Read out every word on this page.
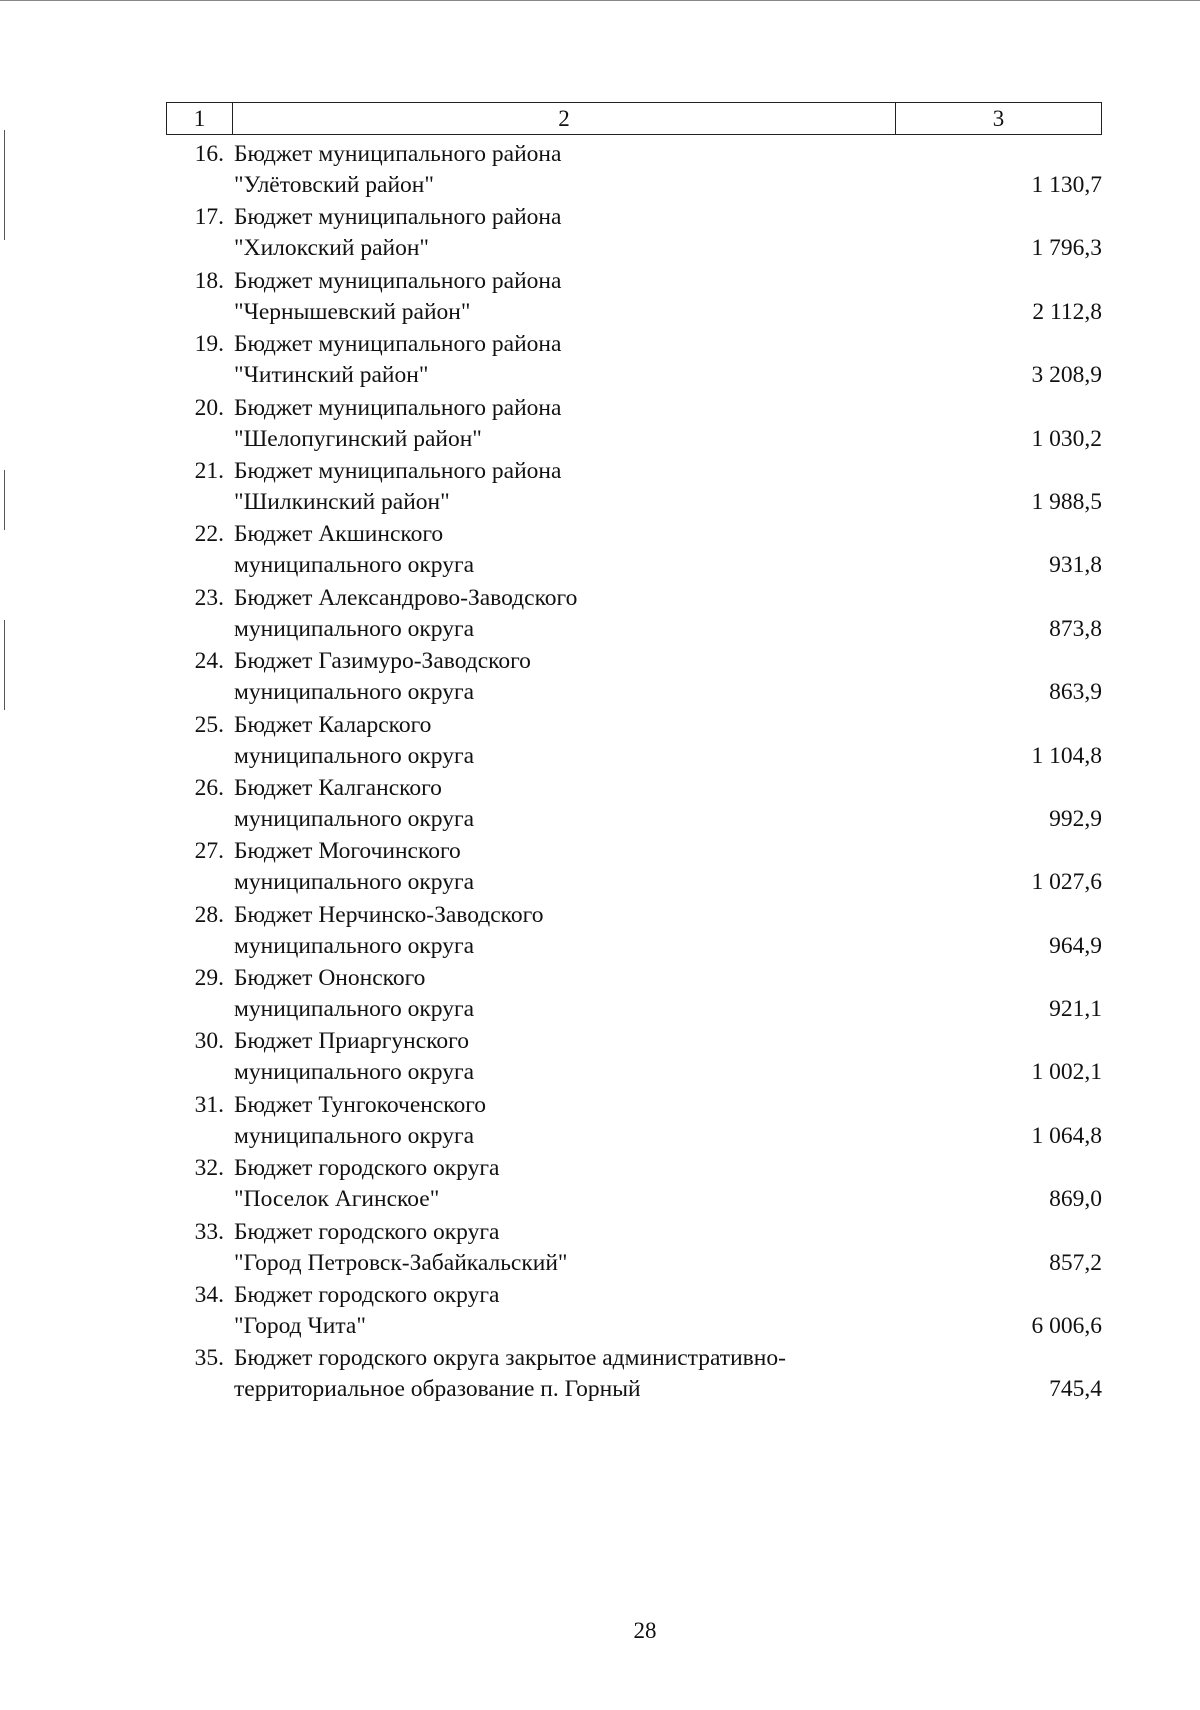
1	2	3
16. Бюджет муниципального района
"Улётовский район"	1 130,7
17. Бюджет муниципального района
"Хилокский район"	1 796,3
18. Бюджет муниципального района
"Чернышевский район"	2 112,8
19. Бюджет муниципального района
"Читинский район"	3 208,9
20. Бюджет муниципального района
"Шелопугинский район"	1 030,2
21. Бюджет муниципального района
"Шилкинский район"	1 988,5
22. Бюджет Акшинского
муниципального округа	931,8
23. Бюджет Александрово-Заводского
муниципального округа	873,8
24. Бюджет Газимуро-Заводского
муниципального округа	863,9
25. Бюджет Каларского
муниципального округа	1 104,8
26. Бюджет Калганского
муниципального округа	992,9
27. Бюджет Могочинского
муниципального округа	1 027,6
28. Бюджет Нерчинско-Заводского
муниципального округа	964,9
29. Бюджет Ононского
муниципального округа	921,1
30. Бюджет Приаргунского
муниципального округа	1 002,1
31. Бюджет Тунгокоченского
муниципального округа	1 064,8
32. Бюджет городского округа
"Поселок Агинское"	869,0
33. Бюджет городского округа
"Город Петровск-Забайкальский"	857,2
34. Бюджет городского округа
"Город Чита"	6 006,6
35. Бюджет городского округа закрытое административно-
территориальное образование п. Горный	745,4
28
